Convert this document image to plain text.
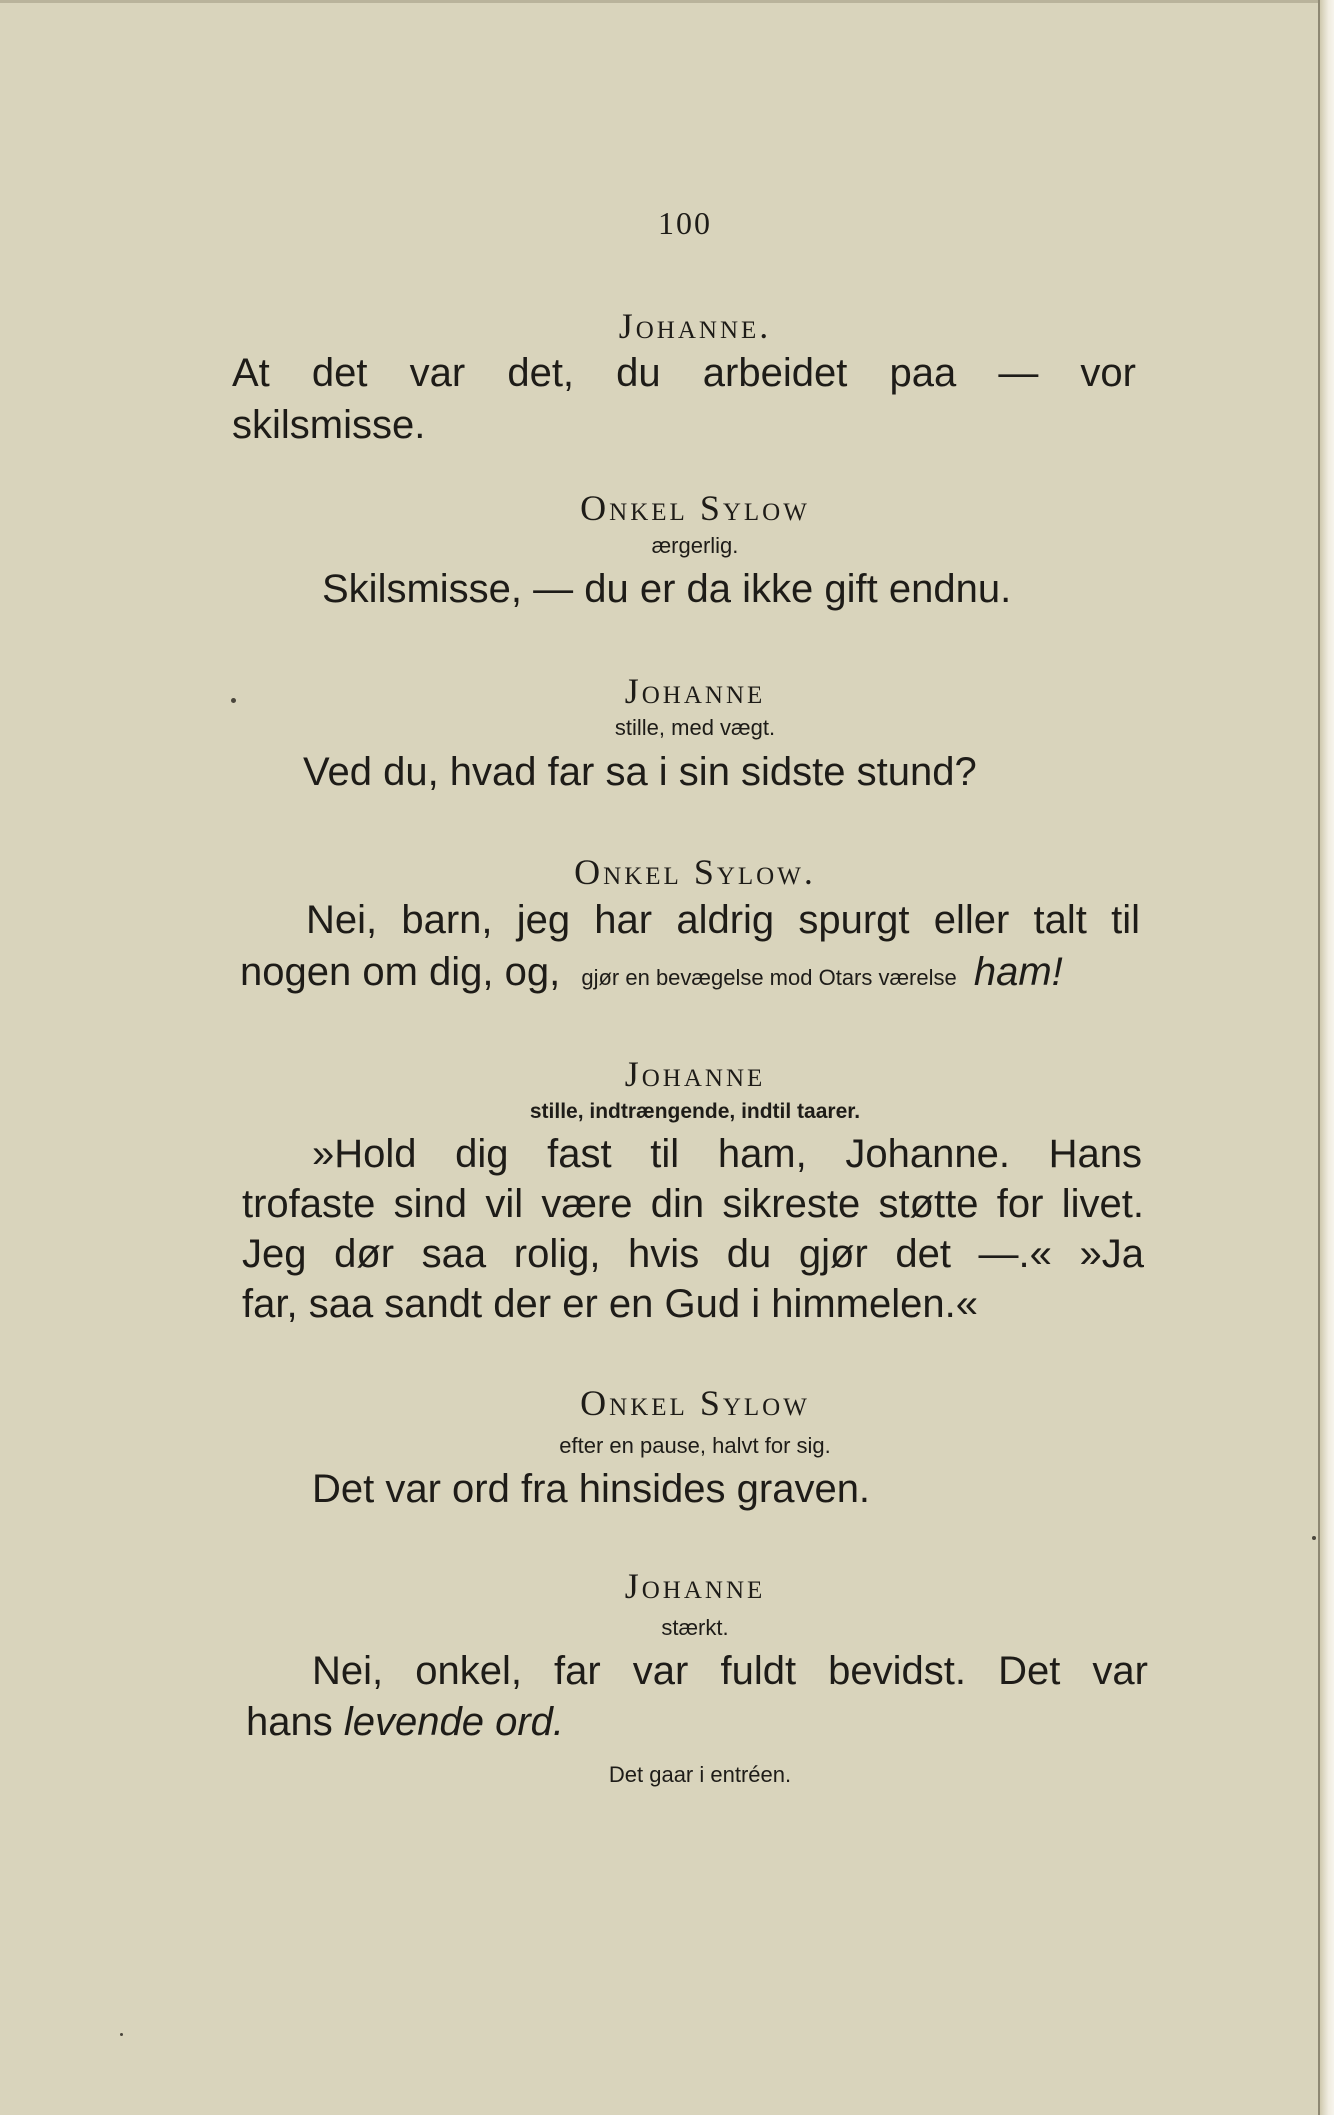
100
Johanne.
At det var det, du arbeidet paa — vor
skilsmisse.
Onkel Sylow
ærgerlig.
Skilsmisse, — du er da ikke gift endnu.
Johanne
stille, med vægt.
Ved du, hvad far sa i sin sidste stund?
Onkel Sylow.
Nei, barn, jeg har aldrig spurgt eller talt til
nogen om dig, og, gjør en bevægelse mod Otars værelse ham!
Johanne
stille, indtrængende, indtil taarer.
»Hold dig fast til ham, Johanne. Hans
trofaste sind vil være din sikreste støtte for livet.
Jeg dør saa rolig, hvis du gjør det —.« »Ja
far, saa sandt der er en Gud i himmelen.«
Onkel Sylow
efter en pause, halvt for sig.
Det var ord fra hinsides graven.
Johanne
stærkt.
Nei, onkel, far var fuldt bevidst. Det var
hans levende ord.
Det gaar i entréen.
